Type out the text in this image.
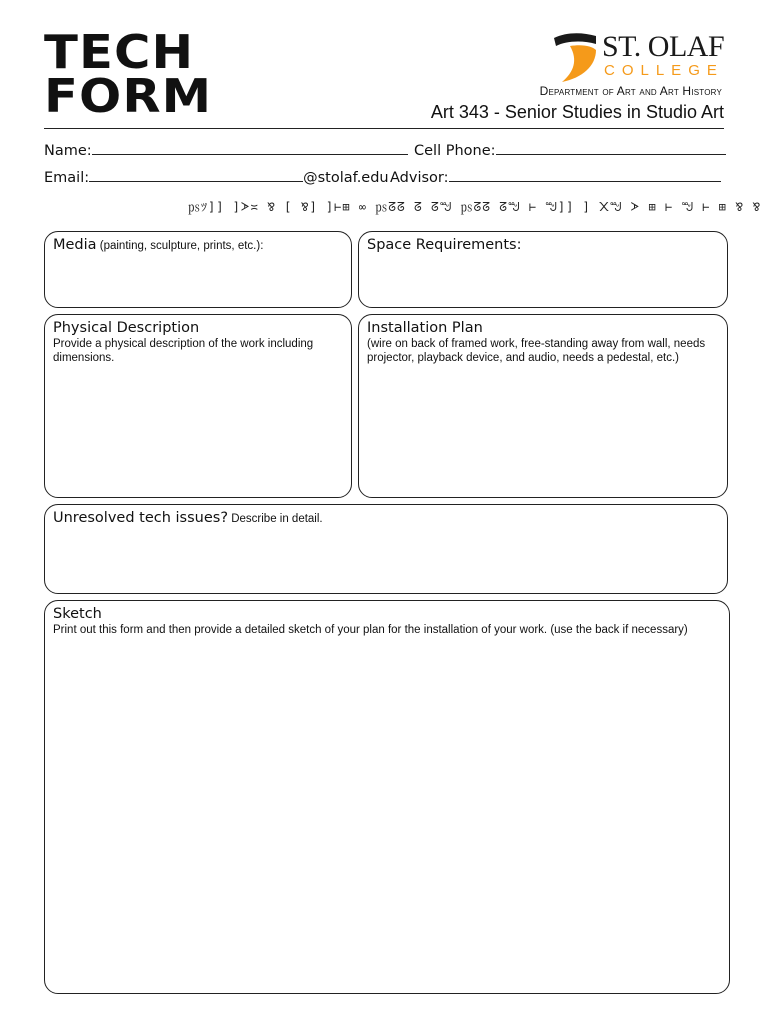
TECH
FORM
ST. OLAF
COLLEGE
Department of Art and Art History
Art 343 - Senior Studies in Studio Art
Name:	Cell Phone:
Email:	@stolaf.edu Advisor:
㎰ﾂ]] ]ᗆ≍ ⅋ [ ⅋] ]⊢⊞ ∞ ㎰ᘔᘔ ᘔ ᘔᙳ ㎰ᘔᘔ ᘔᙳ ⊢ ᙳ]] ] ᙭ᙳ ᗆ ⊞ ⊢ ᙳ ⊢ ⊞ ⅋ ⅋
Media (painting, sculpture, prints, etc.):	Space Requirements:
Physical Description
Provide a physical description of the work including dimensions.
Installation Plan
(wire on back of framed work, free-standing away from wall, needs projector, playback device, and audio, needs a pedestal, etc.)
Unresolved tech issues? Describe in detail.
Sketch
Print out this form and then provide a detailed sketch of your plan for the installation of your work. (use the back if necessary)
